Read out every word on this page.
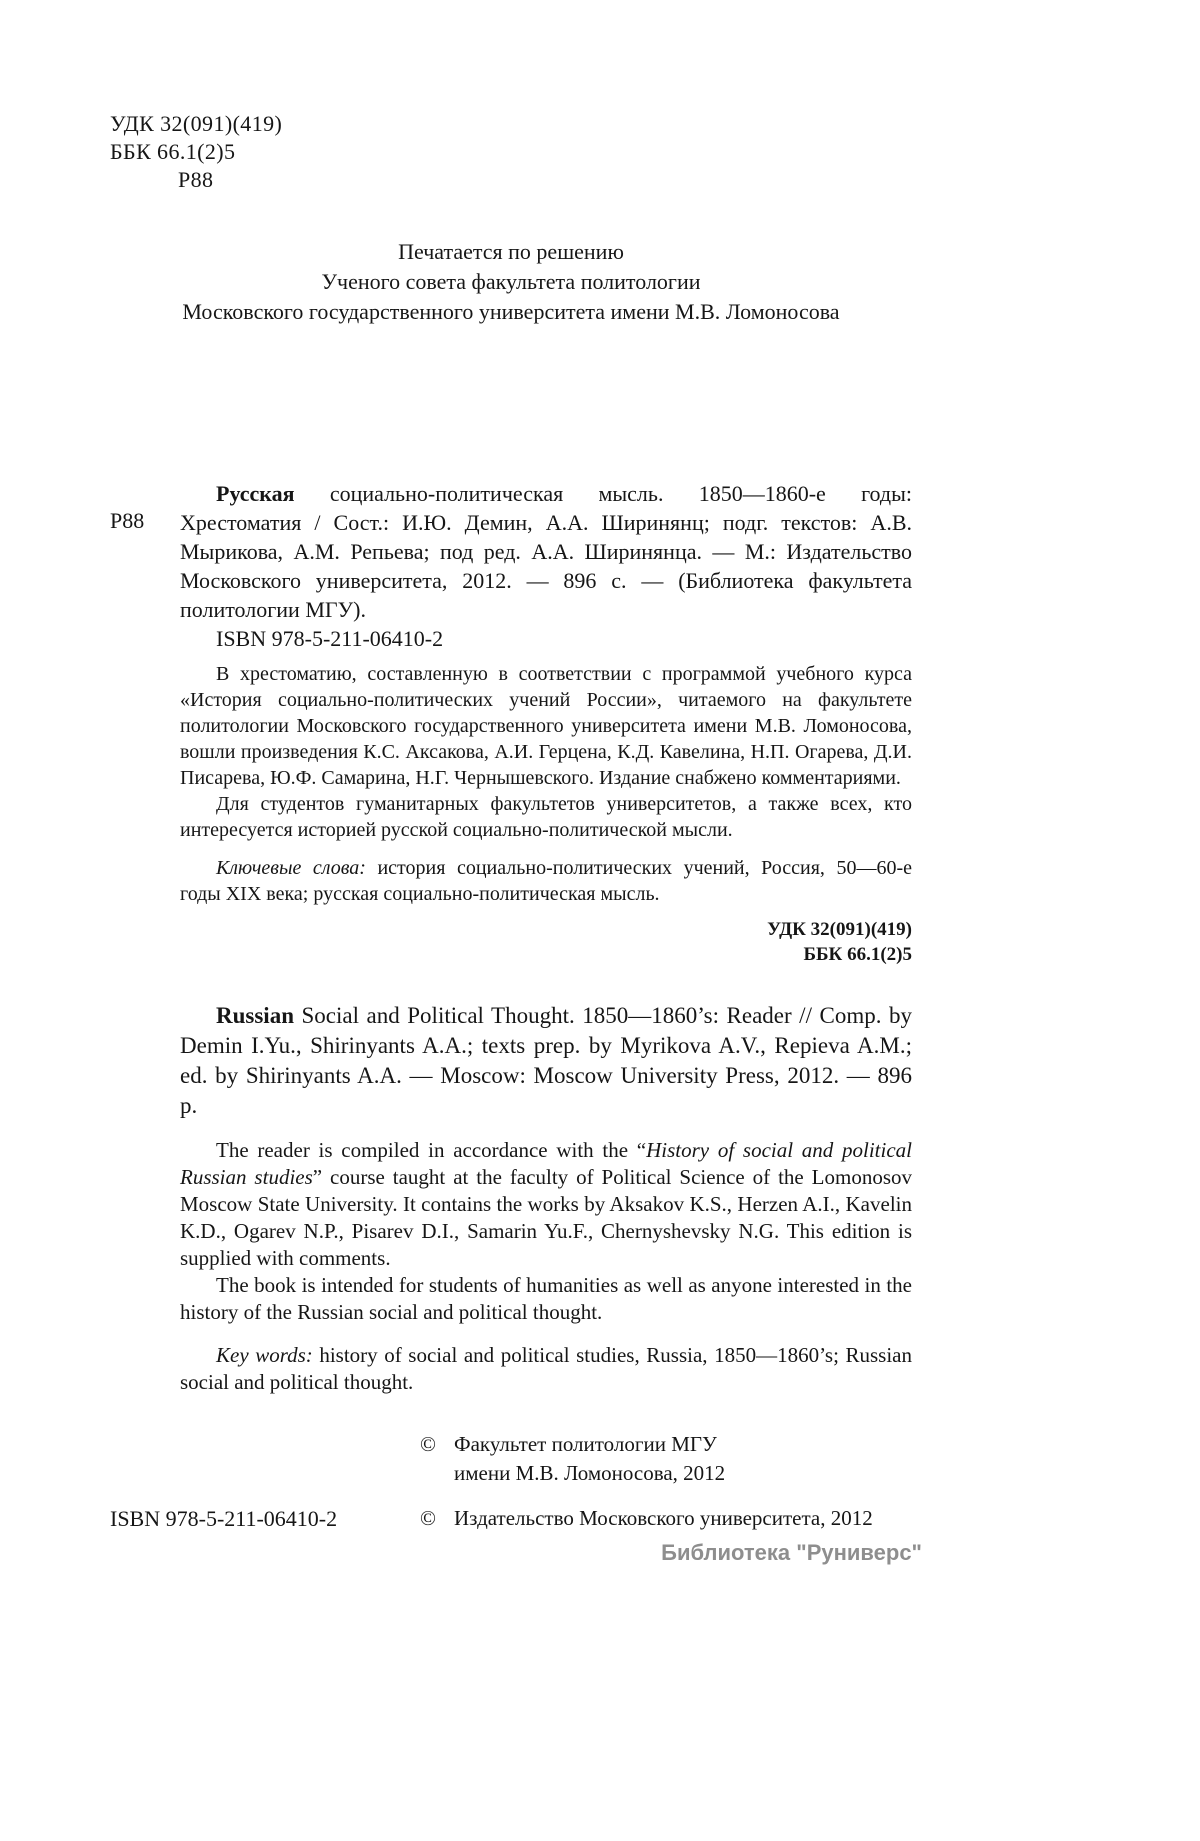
УДК 32(091)(419)
ББК 66.1(2)5
Р88
Печатается по решению
Ученого совета факультета политологии
Московского государственного университета имени М.В. Ломоносова
Р88

Русская социально-политическая мысль. 1850—1860-е годы: Хрестоматия / Сост.: И.Ю. Демин, А.А. Ширинянц; подг. текстов: А.В. Мырикова, А.М. Репьева; под ред. А.А. Ширинянца. — М.: Издательство Московского университета, 2012. — 896 с. — (Библиотека факультета политологии МГУ).

ISBN 978-5-211-06410-2

В хрестоматию, составленную в соответствии с программой учебного курса «История социально-политических учений России», читаемого на факультете политологии Московского государственного университета имени М.В. Ломоносова, вошли произведения К.С. Аксакова, А.И. Герцена, К.Д. Кавелина, Н.П. Огарева, Д.И. Писарева, Ю.Ф. Самарина, Н.Г. Чернышевского. Издание снабжено комментариями.

Для студентов гуманитарных факультетов университетов, а также всех, кто интересуется историей русской социально-политической мысли.

Ключевые слова: история социально-политических учений, Россия, 50—60-е годы XIX века; русская социально-политическая мысль.

УДК 32(091)(419)
ББК 66.1(2)5

Russian Social and Political Thought. 1850—1860’s: Reader // Comp. by Demin I.Yu., Shirinyants A.A.; texts prep. by Myrikova A.V., Repieva A.M.; ed. by Shirinyants A.A. — Moscow: Moscow University Press, 2012. — 896 p.

The reader is compiled in accordance with the “History of social and political Russian studies” course taught at the faculty of Political Science of the Lomonosov Moscow State University. It contains the works by Aksakov K.S., Herzen A.I., Kavelin K.D., Ogarev N.P., Pisarev D.I., Samarin Yu.F., Chernyshevsky N.G. This edition is supplied with comments.

The book is intended for students of humanities as well as anyone interested in the history of the Russian social and political thought.

Key words: history of social and political studies, Russia, 1850—1860’s; Russian social and political thought.

ISBN 978-5-211-06410-2
© Факультет политологии МГУ
имени М.В. Ломоносова, 2012
© Издательство Московского университета, 2012
Библиотека "Руниверс"
